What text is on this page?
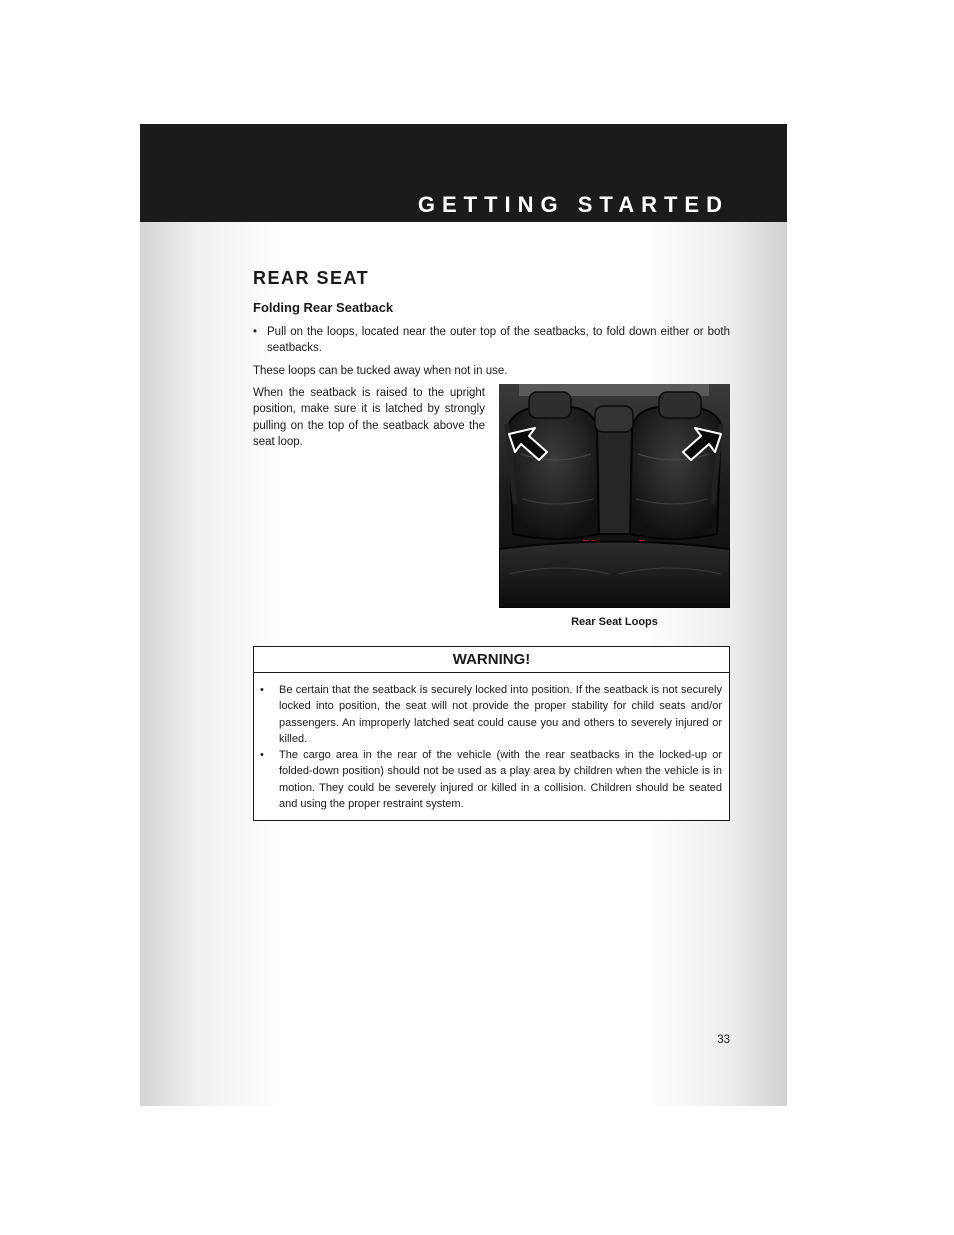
GETTING STARTED
REAR SEAT
Folding Rear Seatback
• Pull on the loops, located near the outer top of the seatbacks, to fold down either or both seatbacks.
These loops can be tucked away when not in use.
When the seatback is raised to the upright position, make sure it is latched by strongly pulling on the top of the seatback above the seat loop.
Rear Seat Loops
WARNING!
• Be certain that the seatback is securely locked into position. If the seatback is not securely locked into position, the seat will not provide the proper stability for child seats and/or passengers. An improperly latched seat could cause you and others to severely injured or killed.
• The cargo area in the rear of the vehicle (with the rear seatbacks in the locked-up or folded-down position) should not be used as a play area by children when the vehicle is in motion. They could be severely injured or killed in a collision. Children should be seated and using the proper restraint system.
33
